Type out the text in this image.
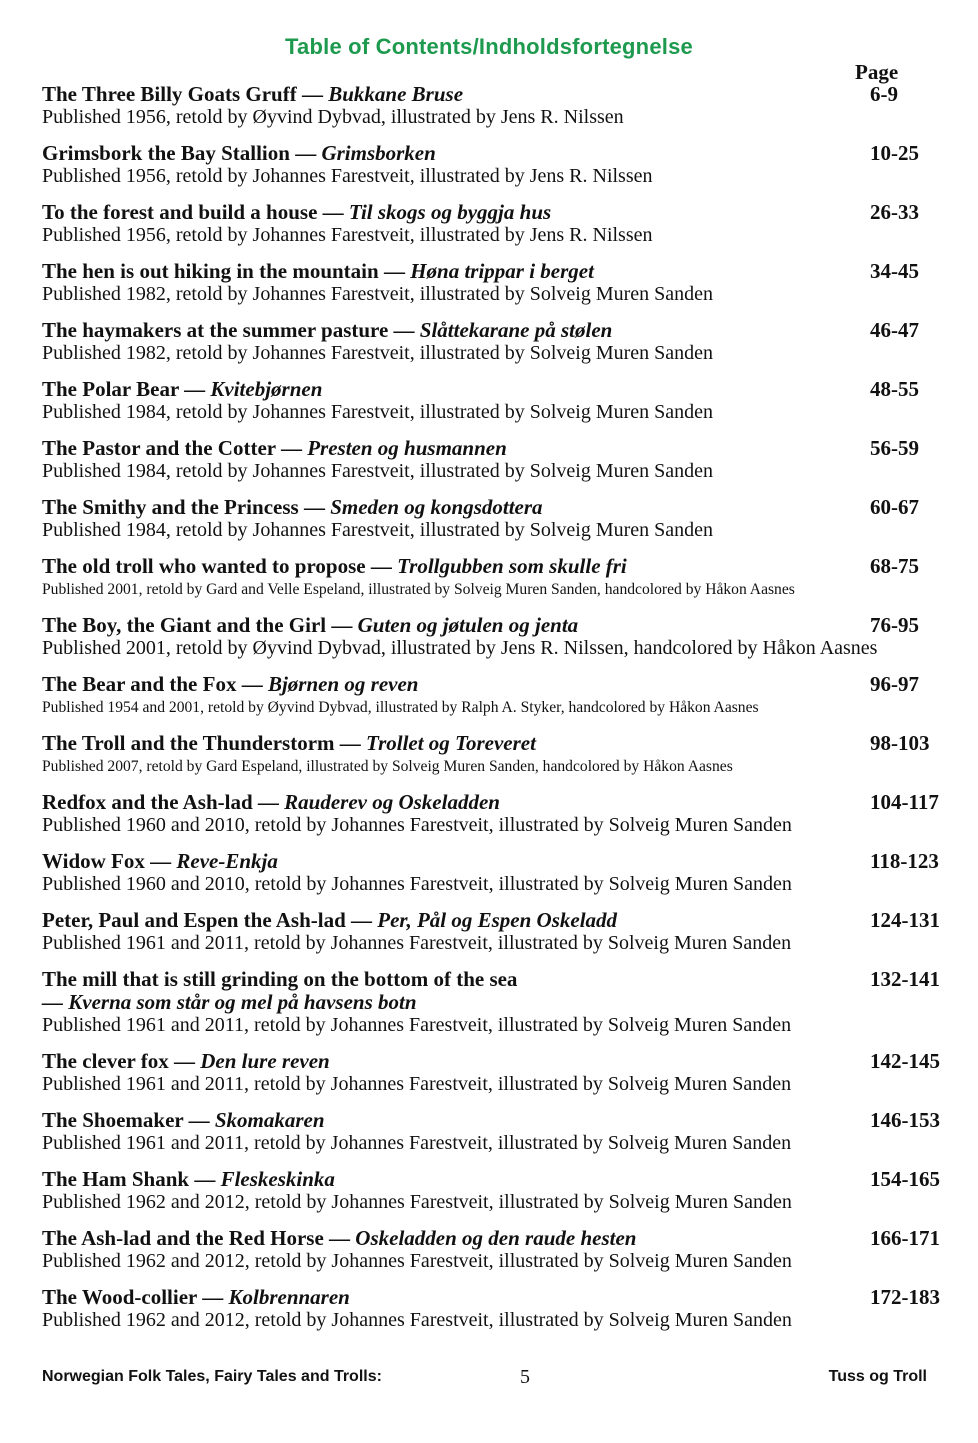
Table of Contents/Indholdsfortegnelse
Page
The Three Billy Goats Gruff — Bukkane Bruse	6-9
Published 1956, retold by Øyvind Dybvad, illustrated by Jens R. Nilssen
Grimsbork the Bay Stallion — Grimsborken	10-25
Published 1956, retold by Johannes Farestveit, illustrated by Jens R. Nilssen
To the forest and build a house — Til skogs og byggja hus	26-33
Published 1956, retold by Johannes Farestveit, illustrated by Jens R. Nilssen
The hen is out hiking in the mountain — Høna trippar i berget	34-45
Published 1982, retold by Johannes Farestveit, illustrated by Solveig Muren Sanden
The haymakers at the summer pasture — Slåttekarane på stølen	46-47
Published 1982, retold by Johannes Farestveit, illustrated by Solveig Muren Sanden
The Polar Bear — Kvitebjørnen	48-55
Published 1984, retold by Johannes Farestveit, illustrated by Solveig Muren Sanden
The Pastor and the Cotter — Presten og husmannen	56-59
Published 1984, retold by Johannes Farestveit, illustrated by Solveig Muren Sanden
The Smithy and the Princess — Smeden og kongsdottera	60-67
Published 1984, retold by Johannes Farestveit, illustrated by Solveig Muren Sanden
The old troll who wanted to propose — Trollgubben som skulle fri	68-75
Published 2001, retold by Gard and Velle Espeland, illustrated by Solveig Muren Sanden, handcolored by Håkon Aasnes
The Boy, the Giant and the Girl — Guten og jøtulen og jenta	76-95
Published 2001, retold by Øyvind Dybvad, illustrated by Jens R. Nilssen, handcolored by Håkon Aasnes
The Bear and the Fox — Bjørnen og reven	96-97
Published 1954 and 2001, retold by Øyvind Dybvad, illustrated by Ralph A. Styker, handcolored by Håkon Aasnes
The Troll and the Thunderstorm — Trollet og Toreveret	98-103
Published 2007, retold by Gard Espeland, illustrated by Solveig Muren Sanden, handcolored by Håkon Aasnes
Redfox and the Ash-lad — Rauderev og Oskeladden	104-117
Published 1960 and 2010, retold by Johannes Farestveit, illustrated by Solveig Muren Sanden
Widow Fox — Reve-Enkja	118-123
Published 1960 and 2010, retold by Johannes Farestveit, illustrated by Solveig Muren Sanden
Peter, Paul and Espen the Ash-lad — Per, Pål og Espen Oskeladd	124-131
Published 1961 and 2011, retold by Johannes Farestveit, illustrated by Solveig Muren Sanden
The mill that is still grinding on the bottom of the sea	132-141
— Kverna som står og mel på havsens botn
Published 1961 and 2011, retold by Johannes Farestveit, illustrated by Solveig Muren Sanden
The clever fox — Den lure reven	142-145
Published 1961 and 2011, retold by Johannes Farestveit, illustrated by Solveig Muren Sanden
The Shoemaker — Skomakaren	146-153
Published 1961 and 2011, retold by Johannes Farestveit, illustrated by Solveig Muren Sanden
The Ham Shank — Fleskeskinka	154-165
Published 1962 and 2012, retold by Johannes Farestveit, illustrated by Solveig Muren Sanden
The Ash-lad and the Red Horse — Oskeladden og den raude hesten	166-171
Published 1962 and 2012, retold by Johannes Farestveit, illustrated by Solveig Muren Sanden
The Wood-collier — Kolbrennaren	172-183
Published 1962 and 2012, retold by Johannes Farestveit, illustrated by Solveig Muren Sanden
Norwegian Folk Tales, Fairy Tales and Trolls:	5	Tuss og Troll
